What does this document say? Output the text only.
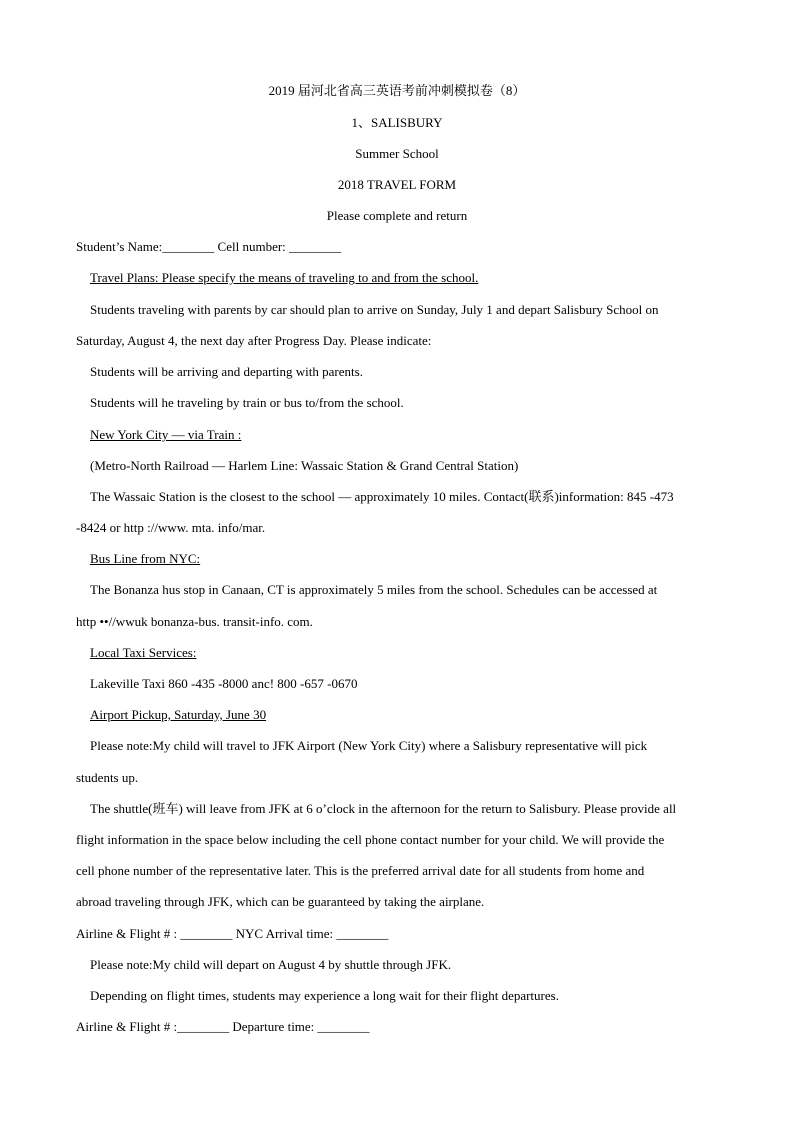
2019 届河北省高三英语考前冲刺模拟卷（8）
1、SALISBURY
Summer School
2018 TRAVEL FORM
Please complete and return
Student’s Name:________ Cell number: ________
Travel Plans: Please specify the means of traveling to and from the school.
Students traveling with parents by car should plan to arrive on Sunday, July 1 and depart Salisbury School on
Saturday, August 4, the next day after Progress Day. Please indicate:
Students will be arriving and departing with parents.
Students will he traveling by train or bus to/from the school.
New York City — via Train :
(Metro-North Railroad — Harlem Line: Wassaic Station & Grand Central Station)
The Wassaic Station is the closest to the school — approximately 10 miles. Contact(联系)information: 845 -473
-8424 or http ://www. mta. info/mar.
Bus Line from NYC:
The Bonanza hus stop in Canaan, CT is approximately 5 miles from the school. Schedules can be accessed at
http ••//wwuk bonanza-bus. transit-info. com.
Local Taxi Services:
Lakeville Taxi 860 -435 -8000 anc! 800 -657 -0670
Airport Pickup, Saturday, June 30
Please note:My child will travel to JFK Airport (New York City) where a Salisbury representative will pick
students up.
The shuttle(班车) will leave from JFK at 6 o’clock in the afternoon for the return to Salisbury. Please provide all
flight information in the space below including the cell phone contact number for your child. We will provide the
cell phone number of the representative later. This is the preferred arrival date for all students from home and
abroad traveling through JFK, which can be guaranteed by taking the airplane.
Airline & Flight # : ________ NYC Arrival time: ________
Please note:My child will depart on August 4 by shuttle through JFK.
Depending on flight times, students may experience a long wait for their flight departures.
Airline & Flight # :________ Departure time: ________
